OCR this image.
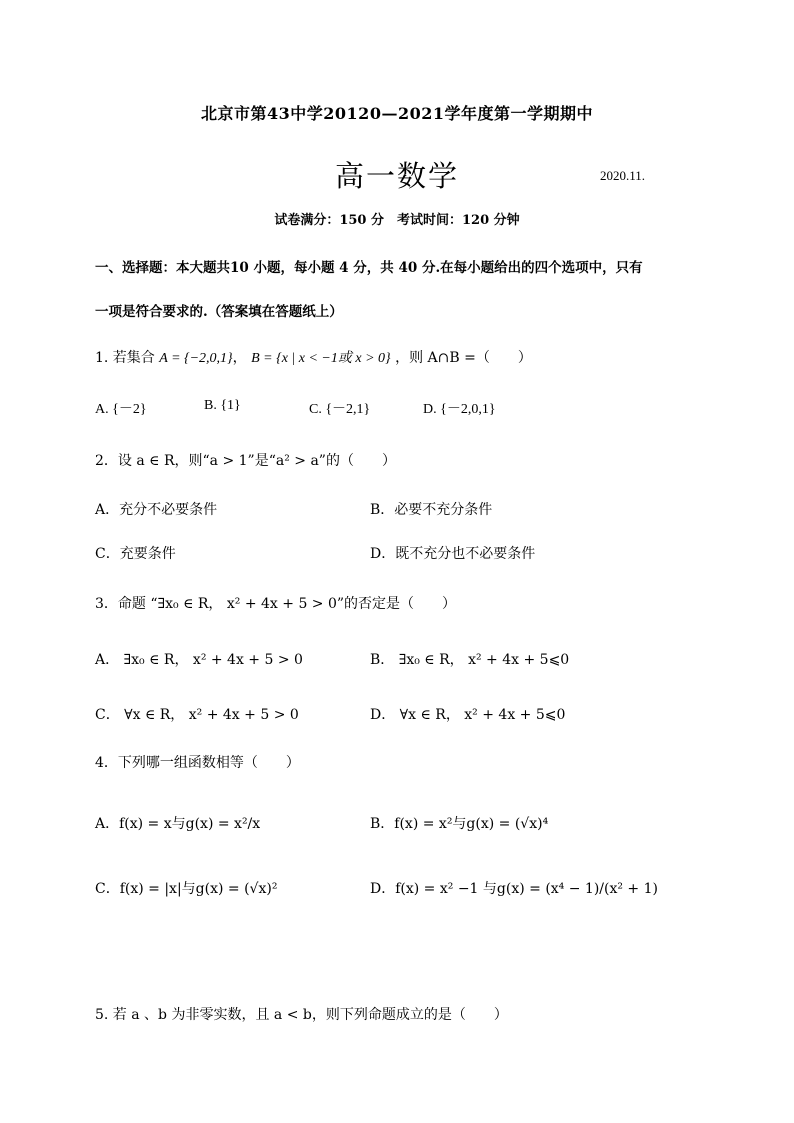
北京市第43中学20120—2021学年度第一学期期中
高一数学	2020.11.
试卷满分：150 分　考试时间：120 分钟
一、选择题：本大题共10 小题，每小题 4 分，共 40 分.在每小题给出的四个选项中，只有
一项是符合要求的.（答案填在答题纸上）
1. 若集合 A = {−2,0,1}， B = {x | x < −1或 x > 0} ，则 A∩B =（　　）
A. {－2}	B. {1}	C. {－2,1}	D. {－2,0,1}
2．设 a ∈ R，则“a > 1”是“a² > a”的（　　）
A．充分不必要条件	B．必要不充分条件
C．充要条件	D．既不充分也不必要条件
3．命题 “∃x₀ ∈ R， x² + 4x + 5 > 0”的否定是（　　）
A． ∃x₀ ∈ R， x² + 4x + 5 > 0	B． ∃x₀ ∈ R， x² + 4x + 5⩽0
C． ∀x ∈ R， x² + 4x + 5 > 0	D． ∀x ∈ R， x² + 4x + 5⩽0
4．下列哪一组函数相等（　　）
A．f(x) = x与g(x) = x²/x	B．f(x) = x²与g(x) = (√x)⁴
C．f(x) = |x|与g(x) = (√x)²	D．f(x) = x² −1 与g(x) = (x⁴ − 1)/(x² + 1)
5. 若 a 、b 为非零实数，且 a < b，则下列命题成立的是（　　）
